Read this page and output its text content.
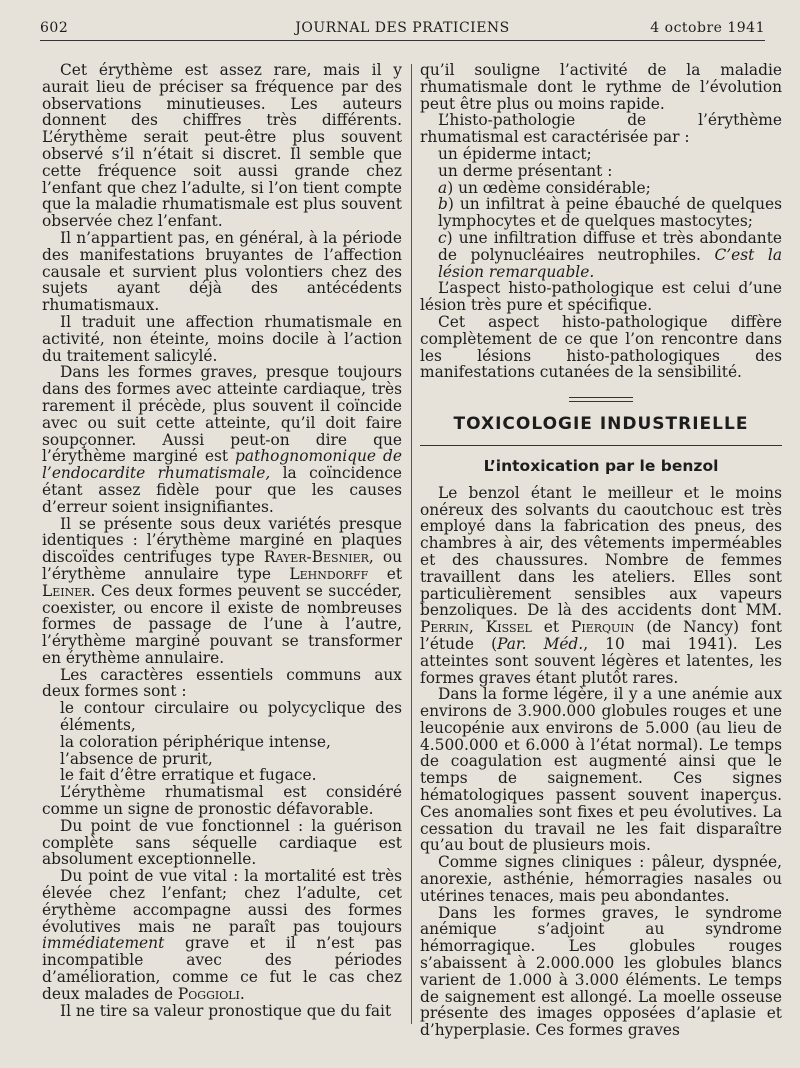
602	JOURNAL DES PRATICIENS	4 octobre 1941

Cet érythème est assez rare, mais il y aurait lieu de préciser sa fréquence par des observations minutieuses. Les auteurs donnent des chiffres très différents. L’érythème serait peut-être plus souvent observé s’il n’était si discret. Il semble que cette fréquence soit aussi grande chez l’enfant que chez l’adulte, si l’on tient compte que la maladie rhumatismale est plus souvent observée chez l’enfant.

Il n’appartient pas, en général, à la période des manifestations bruyantes de l’affection causale et survient plus volontiers chez des sujets ayant déjà des antécédents rhumatismaux.

Il traduit une affection rhumatismale en activité, non éteinte, moins docile à l’action du traitement salicylé.

Dans les formes graves, presque toujours dans des formes avec atteinte cardiaque, très rarement il précède, plus souvent il coïncide avec ou suit cette atteinte, qu’il doit faire soupçonner. Aussi peut-on dire que l’érythème marginé est pathognomonique de l’endocardite rhumatismale, la coïncidence étant assez fidèle pour que les causes d’erreur soient insignifiantes.

Il se présente sous deux variétés presque identiques : l’érythème marginé en plaques discoïdes centrifuges type Rayer-Besnier, ou l’érythème annulaire type Lehndorff et Leiner. Ces deux formes peuvent se succéder, coexister, ou encore il existe de nombreuses formes de passage de l’une à l’autre, l’érythème marginé pouvant se transformer en érythème annulaire.

Les caractères essentiels communs aux deux formes sont :

le contour circulaire ou polycyclique des éléments,

la coloration périphérique intense,

l’absence de prurit,

le fait d’être erratique et fugace.

L’érythème rhumatismal est considéré comme un signe de pronostic défavorable.

Du point de vue fonctionnel : la guérison complète sans séquelle cardiaque est absolument exceptionnelle.

Du point de vue vital : la mortalité est très élevée chez l’enfant; chez l’adulte, cet érythème accompagne aussi des formes évolutives mais ne paraît pas toujours immédiatement grave et il n’est pas incompatible avec des périodes d’amélioration, comme ce fut le cas chez deux malades de Poggioli.

Il ne tire sa valeur pronostique que du fait

qu’il souligne l’activité de la maladie rhumatismale dont le rythme de l’évolution peut être plus ou moins rapide.

L’histo-pathologie de l’érythème rhumatismal est caractérisée par :

un épiderme intact;

un derme présentant :

a) un œdème considérable;

b) un infiltrat à peine ébauché de quelques lymphocytes et de quelques mastocytes;

c) une infiltration diffuse et très abondante de polynucléaires neutrophiles. C’est la lésion remarquable.

L’aspect histo-pathologique est celui d’une lésion très pure et spécifique.

Cet aspect histo-pathologique diffère complètement de ce que l’on rencontre dans les lésions histo-pathologiques des manifestations cutanées de la sensibilité.

TOXICOLOGIE INDUSTRIELLE
L’intoxication par le benzol

Le benzol étant le meilleur et le moins onéreux des solvants du caoutchouc est très employé dans la fabrication des pneus, des chambres à air, des vêtements imperméables et des chaussures. Nombre de femmes travaillent dans les ateliers. Elles sont particulièrement sensibles aux vapeurs benzoliques. De là des accidents dont MM. Perrin, Kissel et Pierquin (de Nancy) font l’étude (Par. Méd., 10 mai 1941). Les atteintes sont souvent légères et latentes, les formes graves étant plutôt rares.

Dans la forme légère, il y a une anémie aux environs de 3.900.000 globules rouges et une leucopénie aux environs de 5.000 (au lieu de 4.500.000 et 6.000 à l’état normal). Le temps de coagulation est augmenté ainsi que le temps de saignement. Ces signes hématologiques passent souvent inaperçus. Ces anomalies sont fixes et peu évolutives. La cessation du travail ne les fait disparaître qu’au bout de plusieurs mois.

Comme signes cliniques : pâleur, dyspnée, anorexie, asthénie, hémorragies nasales ou utérines tenaces, mais peu abondantes.

Dans les formes graves, le syndrome anémique s’adjoint au syndrome hémorragique. Les globules rouges s’abaissent à 2.000.000 les globules blancs varient de 1.000 à 3.000 éléments. Le temps de saignement est allongé. La moelle osseuse présente des images opposées d’aplasie et d’hyperplasie. Ces formes graves
